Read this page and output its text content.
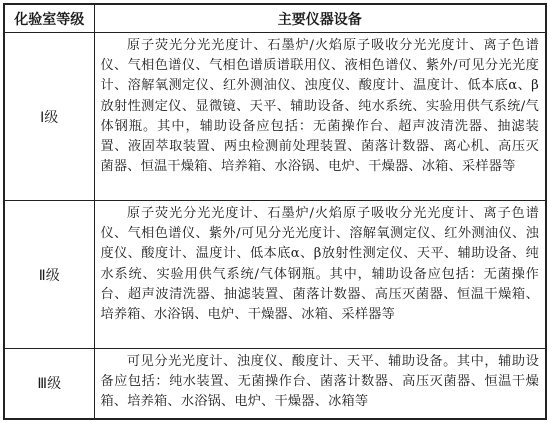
化验室等级	主要仪器设备
Ⅰ级	原子荧光分光光度计、石墨炉/火焰原子吸收分光光度计、离子色谱仪、气相色谱仪、气相色谱质谱联用仪、液相色谱仪、紫外/可见分光光度计、溶解氧测定仪、红外测油仪、浊度仪、酸度计、温度计、低本底α、β放射性测定仪、显微镜、天平、辅助设备、纯水系统、实验用供气系统/气体钢瓶。其中，辅助设备应包括：无菌操作台、超声波清洗器、抽滤装置、液固萃取装置、两虫检测前处理装置、菌落计数器、离心机、高压灭菌器、恒温干燥箱、培养箱、水浴锅、电炉、干燥器、冰箱、采样器等
Ⅱ级	原子荧光分光光度计、石墨炉/火焰原子吸收分光光度计、离子色谱仪、气相色谱仪、紫外/可见分光光度计、溶解氧测定仪、红外测油仪、浊度仪、酸度计、温度计、低本底α、β放射性测定仪、天平、辅助设备、纯水系统、实验用供气系统/气体钢瓶。其中，辅助设备应包括：无菌操作台、超声波清洗器、抽滤装置、菌落计数器、高压灭菌器、恒温干燥箱、培养箱、水浴锅、电炉、干燥器、冰箱、采样器等
Ⅲ级	可见分光光度计、浊度仪、酸度计、天平、辅助设备。其中，辅助设备应包括：纯水装置、无菌操作台、菌落计数器、高压灭菌器、恒温干燥箱、培养箱、水浴锅、电炉、干燥器、冰箱等
